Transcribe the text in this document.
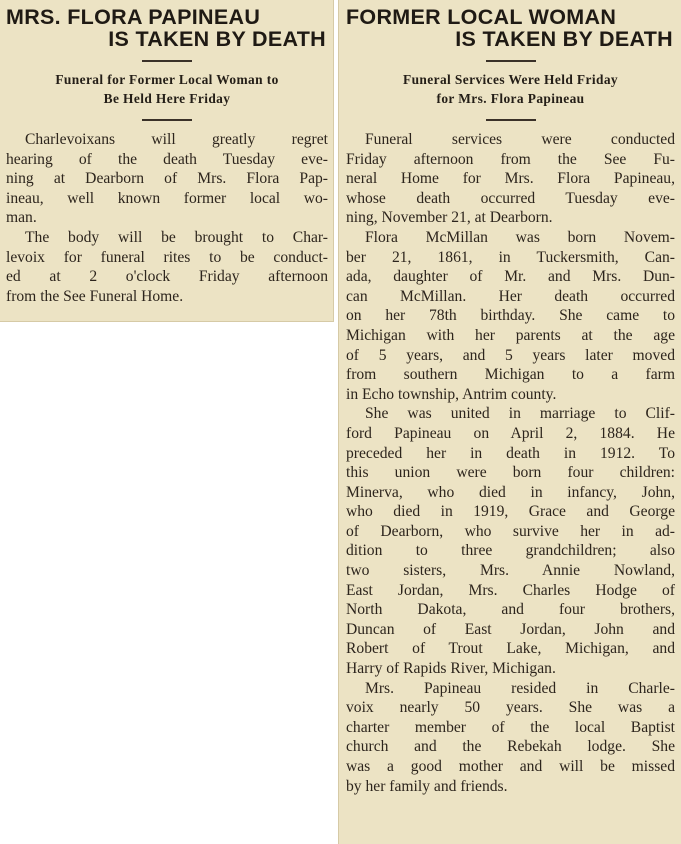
MRS. FLORA PAPINEAU
IS TAKEN BY DEATH
Funeral for Former Local Woman to
Be Held Here Friday

Charlevoixans will greatly regret
hearing of the death Tuesday eve-
ning at Dearborn of Mrs. Flora Pap-
ineau, well known former local wo-
man.

The body will be brought to Char-
levoix for funeral rites to be conduct-
ed at 2 o'clock Friday afternoon
from the See Funeral Home.

FORMER LOCAL WOMAN
IS TAKEN BY DEATH
Funeral Services Were Held Friday
for Mrs. Flora Papineau

Funeral services were conducted
Friday afternoon from the See Fu-
neral Home for Mrs. Flora Papineau,
whose death occurred Tuesday eve-
ning, November 21, at Dearborn.

Flora McMillan was born Novem-
ber 21, 1861, in Tuckersmith, Can-
ada, daughter of Mr. and Mrs. Dun-
can McMillan. Her death occurred
on her 78th birthday. She came to
Michigan with her parents at the age
of 5 years, and 5 years later moved
from southern Michigan to a farm
in Echo township, Antrim county.

She was united in marriage to Clif-
ford Papineau on April 2, 1884. He
preceded her in death in 1912. To
this union were born four children:
Minerva, who died in infancy, John,
who died in 1919, Grace and George
of Dearborn, who survive her in ad-
dition to three grandchildren; also
two sisters, Mrs. Annie Nowland,
East Jordan, Mrs. Charles Hodge of
North Dakota, and four brothers,
Duncan of East Jordan, John and
Robert of Trout Lake, Michigan, and
Harry of Rapids River, Michigan.

Mrs. Papineau resided in Charle-
voix nearly 50 years. She was a
charter member of the local Baptist
church and the Rebekah lodge. She
was a good mother and will be missed
by her family and friends.
